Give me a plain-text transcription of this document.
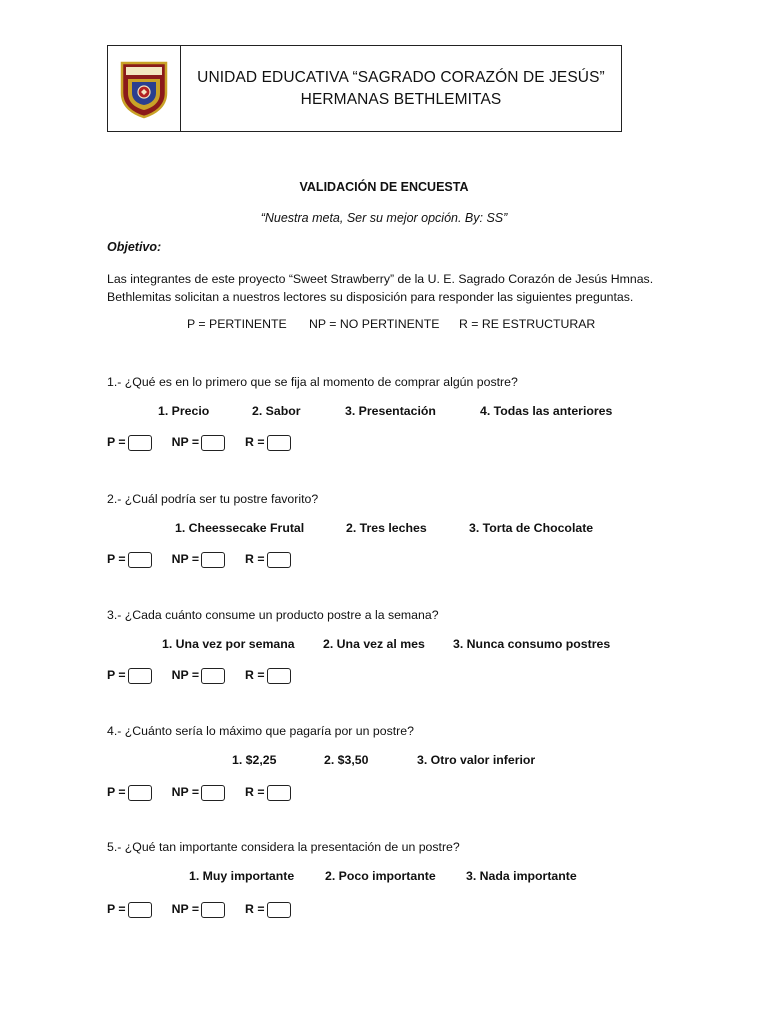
UNIDAD EDUCATIVA “SAGRADO CORAZÓN DE JESÚS”
HERMANAS BETHLEMITAS
VALIDACIÓN DE ENCUESTA
“Nuestra meta, Ser su mejor opción. By: SS”
Objetivo:
Las integrantes de este proyecto “Sweet Strawberry” de la U. E. Sagrado Corazón de Jesús Hmnas. Bethlemitas solicitan a nuestros lectores su disposición para responder las siguientes preguntas.
P = PERTINENTE NP = NO PERTINENTE R = RE ESTRUCTURAR
1.- ¿Qué es en lo primero que se fija al momento de comprar algún postre?
1. Precio	2. Sabor	3. Presentación	4. Todas las anteriores
P =	NP =	R =
2.- ¿Cuál podría ser tu postre favorito?
1. Cheessecake Frutal	2. Tres leches	3. Torta de Chocolate
P =	NP =	R =
3.- ¿Cada cuánto consume un producto postre a la semana?
1. Una vez por semana 2. Una vez al mes 3. Nunca consumo postres
P =	NP =	R =
4.- ¿Cuánto sería lo máximo que pagaría por un postre?
1. $2,25	2. $3,50	3. Otro valor inferior
P =	NP =	R =
5.- ¿Qué tan importante considera la presentación de un postre?
1. Muy importante	2. Poco importante 3. Nada importante
P =	NP =	R =
